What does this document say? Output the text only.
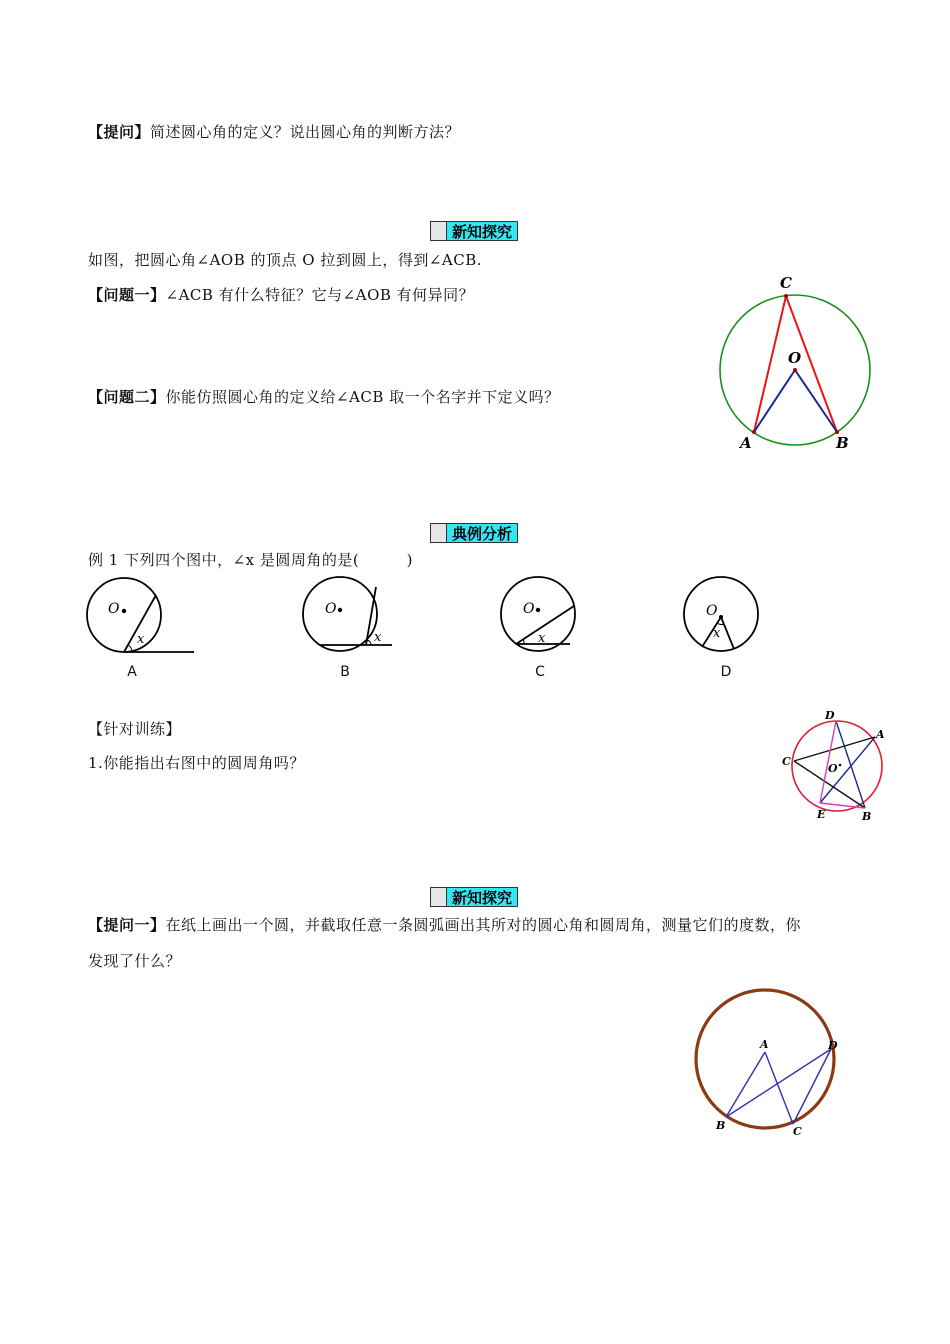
【提问】简述圆心角的定义？说出圆心角的判断方法？
新知探究
如图，把圆心角∠AOB 的顶点 O 拉到圆上，得到∠ACB.
【问题一】∠ACB 有什么特征？它与∠AOB 有何异同？
【问题二】你能仿照圆心角的定义给∠ACB 取一个名字并下定义吗？
C
O
A	B
典例分析
例 1 下列四个图中，∠x 是圆周角的是(	)
O
x
A
O
x
B
O
x
C
O
x
D
【针对训练】
1.你能指出右图中的圆周角吗？
D
A
C
O
E	B
新知探究
【提问一】在纸上画出一个圆，并截取任意一条圆弧画出其所对的圆心角和圆周角，测量它们的度数，你
发现了什么？
A	D
B	C
